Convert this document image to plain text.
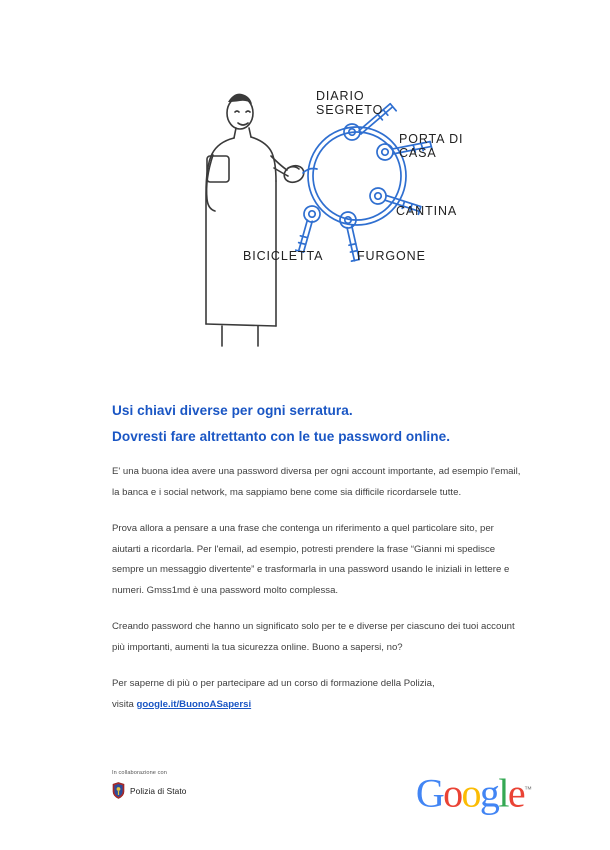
DIARIO
SEGRETO
PORTA DI
CASA
CANTINA
FURGONE
BICICLETTA

Usi chiavi diverse per ogni serratura.

Dovresti fare altrettanto con le tue password online.

E' una buona idea avere una password diversa per ogni account importante, ad esempio l'email, la banca e i social network, ma sappiamo bene come sia difficile ricordarsele tutte.

Prova allora a pensare a una frase che contenga un riferimento a quel particolare sito, per aiutarti a ricordarla. Per l'email, ad esempio, potresti prendere la frase “Gianni mi spedisce sempre un messaggio divertente” e trasformarla in una password usando le iniziali in lettere e numeri. Gmss1md è una password molto complessa.

Creando password che hanno un significato solo per te e diverse per ciascuno dei tuoi account più importanti, aumenti la tua sicurezza online. Buono a sapersi, no?

Per saperne di più o per partecipare ad un corso di formazione della Polizia,
visita google.it/BuonoASapersi

In collaborazione con
Polizia di Stato	Google™
